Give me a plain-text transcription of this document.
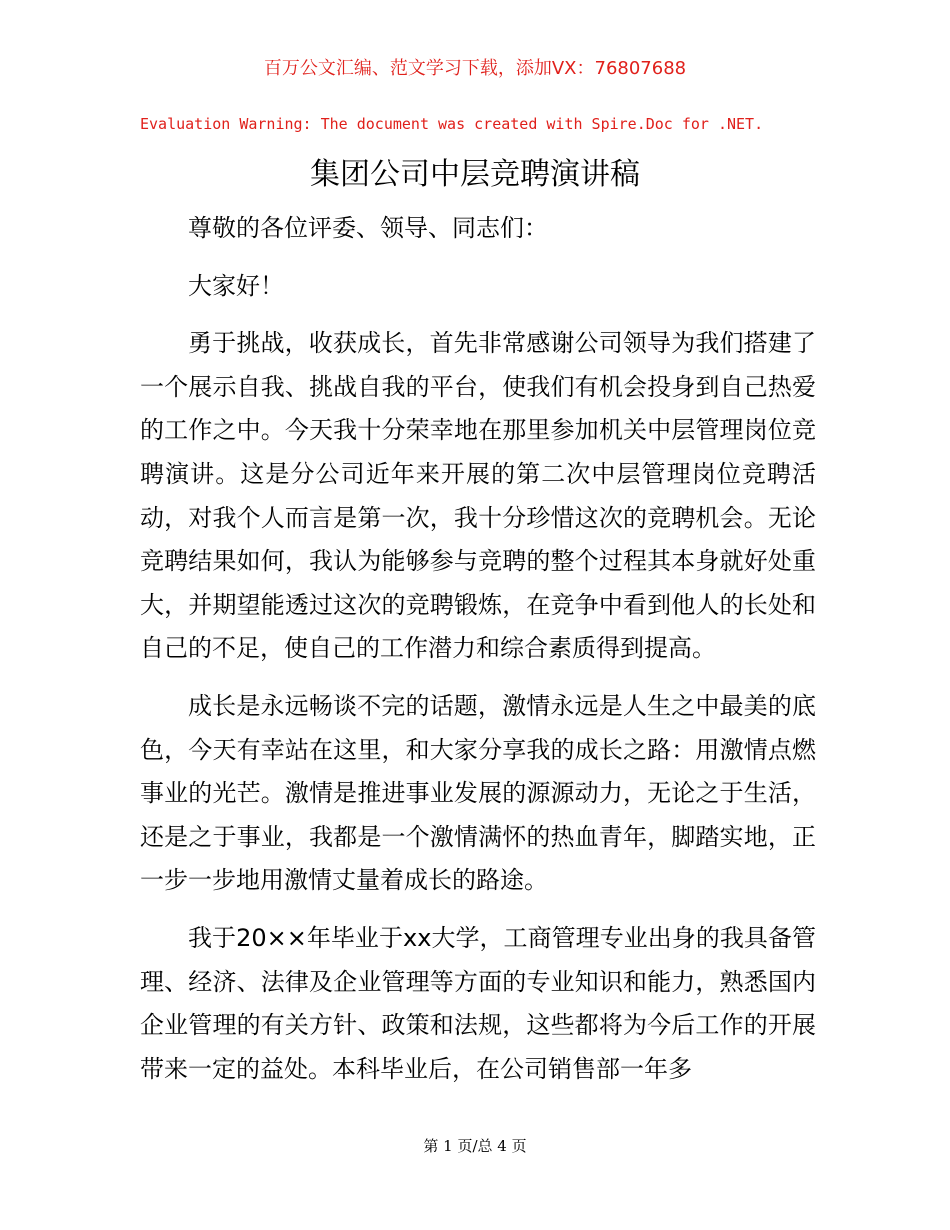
百万公文汇编、范文学习下载，添加VX：76807688
Evaluation Warning: The document was created with Spire.Doc for .NET.
集团公司中层竞聘演讲稿

尊敬的各位评委、领导、同志们：

大家好！

勇于挑战，收获成长，首先非常感谢公司领导为我们搭建了一个展示自我、挑战自我的平台，使我们有机会投身到自己热爱的工作之中。今天我十分荣幸地在那里参加机关中层管理岗位竞聘演讲。这是分公司近年来开展的第二次中层管理岗位竞聘活动，对我个人而言是第一次，我十分珍惜这次的竞聘机会。无论竞聘结果如何，我认为能够参与竞聘的整个过程其本身就好处重大，并期望能透过这次的竞聘锻炼，在竞争中看到他人的长处和自己的不足，使自己的工作潜力和综合素质得到提高。

成长是永远畅谈不完的话题，激情永远是人生之中最美的底色，今天有幸站在这里，和大家分享我的成长之路：用激情点燃事业的光芒。激情是推进事业发展的源源动力，无论之于生活，还是之于事业，我都是一个激情满怀的热血青年，脚踏实地，正一步一步地用激情丈量着成长的路途。

我于20××年毕业于xx大学，工商管理专业出身的我具备管理、经济、法律及企业管理等方面的专业知识和能力，熟悉国内企业管理的有关方针、政策和法规，这些都将为今后工作的开展带来一定的益处。本科毕业后，在公司销售部一年多

第 1 页/总 4 页
